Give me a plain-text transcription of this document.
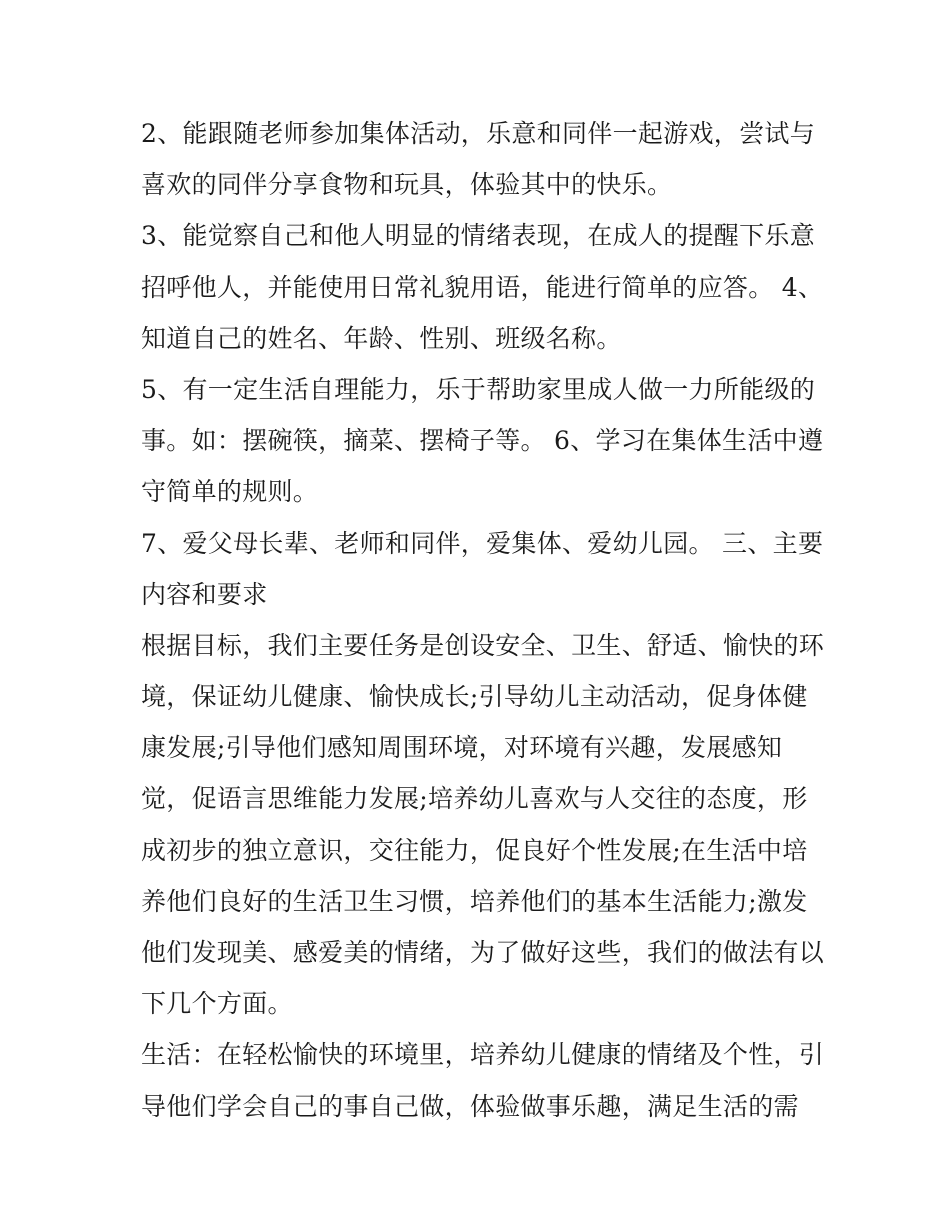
2、能跟随老师参加集体活动，乐意和同伴一起游戏，尝试与
喜欢的同伴分享食物和玩具，体验其中的快乐。
3、能觉察自己和他人明显的情绪表现，在成人的提醒下乐意
招呼他人，并能使用日常礼貌用语，能进行简单的应答。 4、
知道自己的姓名、年龄、性别、班级名称。
5、有一定生活自理能力，乐于帮助家里成人做一力所能级的
事。如：摆碗筷，摘菜、摆椅子等。 6、学习在集体生活中遵
守简单的规则。
7、爱父母长辈、老师和同伴，爱集体、爱幼儿园。 三、主要
内容和要求
根据目标，我们主要任务是创设安全、卫生、舒适、愉快的环
境，保证幼儿健康、愉快成长;引导幼儿主动活动，促身体健
康发展;引导他们感知周围环境，对环境有兴趣，发展感知
觉，促语言思维能力发展;培养幼儿喜欢与人交往的态度，形
成初步的独立意识，交往能力，促良好个性发展;在生活中培
养他们良好的生活卫生习惯，培养他们的基本生活能力;激发
他们发现美、感爱美的情绪，为了做好这些，我们的做法有以
下几个方面。
生活：在轻松愉快的环境里，培养幼儿健康的情绪及个性，引
导他们学会自己的事自己做，体验做事乐趣，满足生活的需
